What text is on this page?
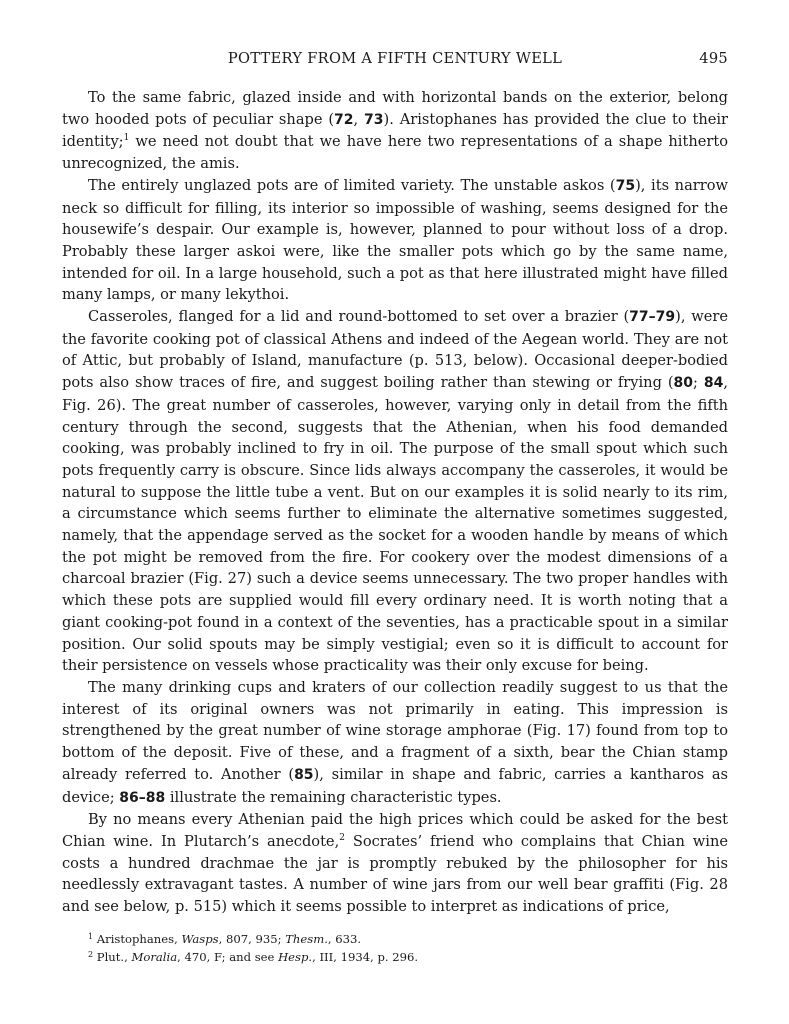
POTTERY FROM A FIFTH CENTURY WELL	495

To the same fabric, glazed inside and with horizontal bands on the exterior, belong two hooded pots of peculiar shape (72, 73). Aristophanes has provided the clue to their identity;$^1$ we need not doubt that we have here two representations of a shape hitherto unrecognized, the amis.

The entirely unglazed pots are of limited variety. The unstable askos (75), its narrow neck so difficult for filling, its interior so impossible of washing, seems designed for the housewife’s despair. Our example is, however, planned to pour without loss of a drop. Probably these larger askoi were, like the smaller pots which go by the same name, intended for oil. In a large household, such a pot as that here illustrated might have filled many lamps, or many lekythoi.

Casseroles, flanged for a lid and round-bottomed to set over a brazier (77–79), were the favorite cooking pot of classical Athens and indeed of the Aegean world. They are not of Attic, but probably of Island, manufacture (p. 513, below). Occasional deeper-bodied pots also show traces of fire, and suggest boiling rather than stewing or frying (80; 84, Fig. 26). The great number of casseroles, however, varying only in detail from the fifth century through the second, suggests that the Athenian, when his food demanded cooking, was probably inclined to fry in oil. The purpose of the small spout which such pots frequently carry is obscure. Since lids always accompany the casseroles, it would be natural to suppose the little tube a vent. But on our examples it is solid nearly to its rim, a circumstance which seems further to eliminate the alternative sometimes suggested, namely, that the appendage served as the socket for a wooden handle by means of which the pot might be removed from the fire. For cookery over the modest dimensions of a charcoal brazier (Fig. 27) such a device seems unnecessary. The two proper handles with which these pots are supplied would fill every ordinary need. It is worth noting that a giant cooking-pot found in a context of the seventies, has a practicable spout in a similar position. Our solid spouts may be simply vestigial; even so it is difficult to account for their persistence on vessels whose practicality was their only excuse for being.

The many drinking cups and kraters of our collection readily suggest to us that the interest of its original owners was not primarily in eating. This impression is strengthened by the great number of wine storage amphorae (Fig. 17) found from top to bottom of the deposit. Five of these, and a fragment of a sixth, bear the Chian stamp already referred to. Another (85), similar in shape and fabric, carries a kantharos as device; 86–88 illustrate the remaining characteristic types.

By no means every Athenian paid the high prices which could be asked for the best Chian wine. In Plutarch’s anecdote,$^2$ Socrates’ friend who complains that Chian wine costs a hundred drachmae the jar is promptly rebuked by the philosopher for his needlessly extravagant tastes. A number of wine jars from our well bear graffiti (Fig. 28 and see below, p. 515) which it seems possible to interpret as indications of price,

$^1$ Aristophanes, Wasps, 807, 935; Thesm., 633.

$^2$ Plut., Moralia, 470, F; and see Hesp., III, 1934, p. 296.
